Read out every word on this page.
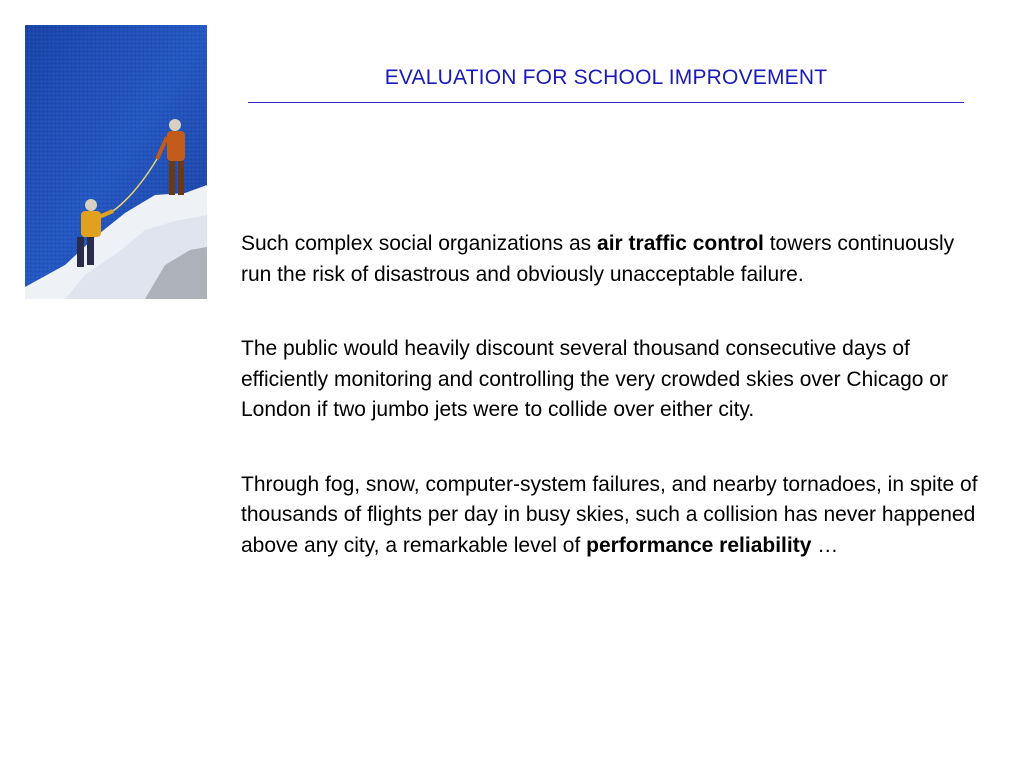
EVALUATION FOR SCHOOL IMPROVEMENT

Such complex social organizations as air traffic control towers continuously run the risk of disastrous and obviously unacceptable failure.

The public would heavily discount several thousand consecutive days of efficiently monitoring and controlling the very crowded skies over Chicago or London if two jumbo jets were to collide over either city.

Through fog, snow, computer-system failures, and nearby tornadoes, in spite of thousands of flights per day in busy skies, such a collision has never happened above any city, a remarkable level of performance reliability …
